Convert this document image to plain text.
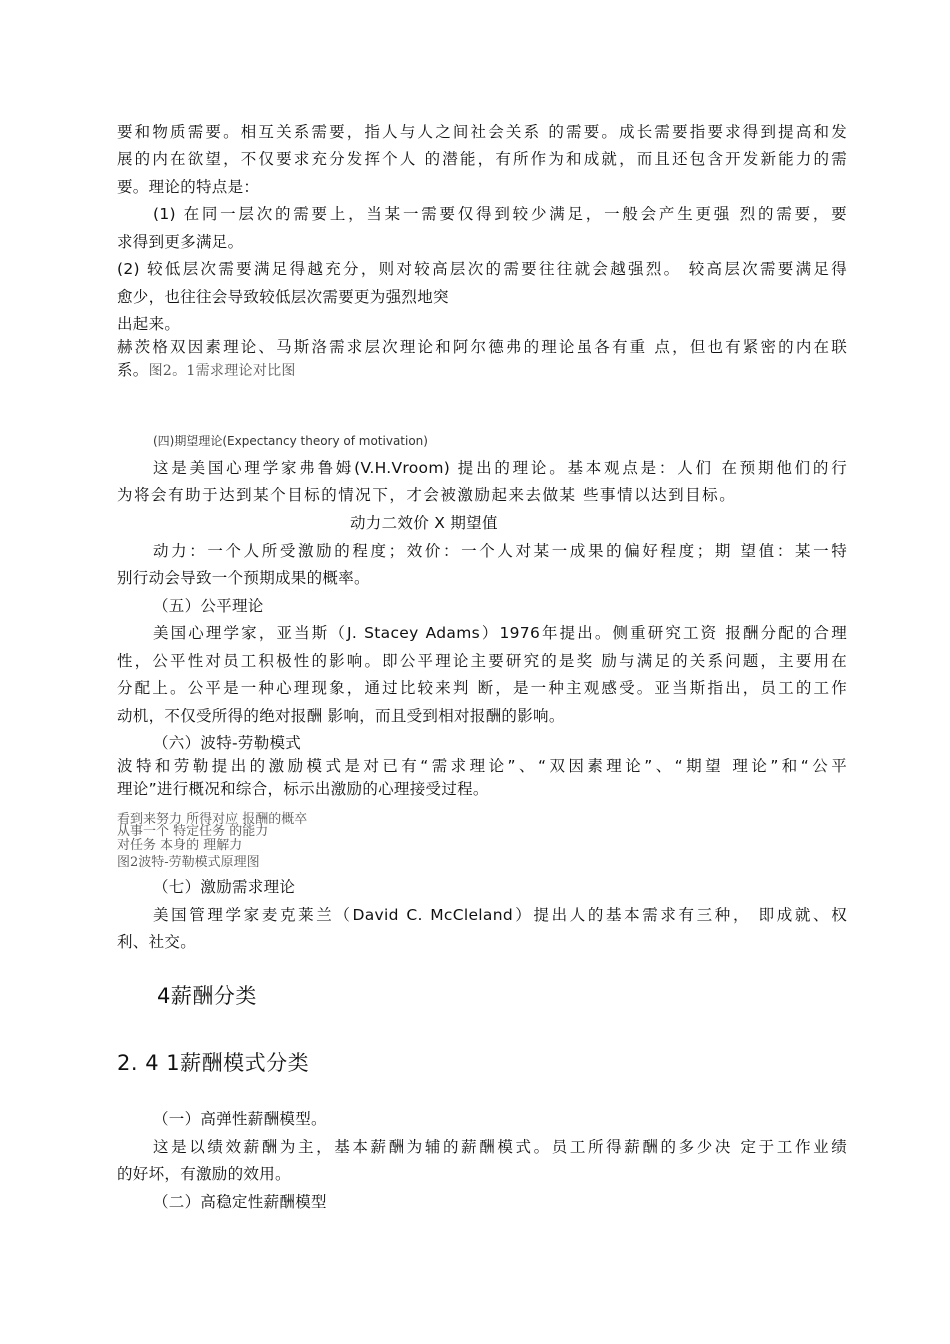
要和物质需要。相互关系需要，指人与人之间社会关系 的需要。成长需要指要求得到提高和发
展的内在欲望，不仅要求充分发挥个人 的潜能，有所作为和成就，而且还包含开发新能力的需
要。理论的特点是：
(1) 在同一层次的需要上，当某一需要仅得到较少满足，一般会产生更强 烈的需要，要
求得到更多满足。
(2) 较低层次需要满足得越充分，则对较高层次的需要往往就会越强烈。 较高层次需要满足得
愈少，也往往会导致较低层次需要更为强烈地突
出起来。
赫茨格双因素理论、马斯洛需求层次理论和阿尔德弗的理论虽各有重 点，但也有紧密的内在联
系。图2。1需求理论对比图
(四)期望理论(Expectancy theory of motivation)
这是美国心理学家弗鲁姆(V.H.Vroom) 提出的理论。基本观点是：人们 在预期他们的行
为将会有助于达到某个目标的情况下，才会被激励起来去做某 些事情以达到目标。
动力二效价 X 期望值
动力：一个人所受激励的程度；效价：一个人对某一成果的偏好程度；期 望值：某一特
别行动会导致一个预期成果的概率。
（五）公平理论
美国心理学家，亚当斯（J. Stacey Adams）1976年提出。侧重研究工资 报酬分配的合理
性，公平性对员工积极性的影响。即公平理论主要研究的是奖 励与满足的关系问题，主要用在
分配上。公平是一种心理现象，通过比较来判 断，是一种主观感受。亚当斯指出，员工的工作
动机，不仅受所得的绝对报酬 影响，而且受到相对报酬的影响。
（六）波特-劳勒模式
波特和劳勒提出的激励模式是对已有“需求理论”、“双因素理论”、“期望 理论”和“公平
理论”进行概况和综合，标示出激励的心理接受过程。
看到来努力 所得对应 报酬的概卒
从事一个 特定任务 的能力
对任务 本身的 理解力
图2波特-劳勒模式原理图
（七）激励需求理论
美国管理学家麦克莱兰（David C. McCleland）提出人的基本需求有三种， 即成就、权
利、社交。
4薪酬分类
2. 4 1薪酬模式分类
（一）高弹性薪酬模型。
这是以绩效薪酬为主，基本薪酬为辅的薪酬模式。员工所得薪酬的多少决 定于工作业绩
的好坏，有激励的效用。
（二）高稳定性薪酬模型
